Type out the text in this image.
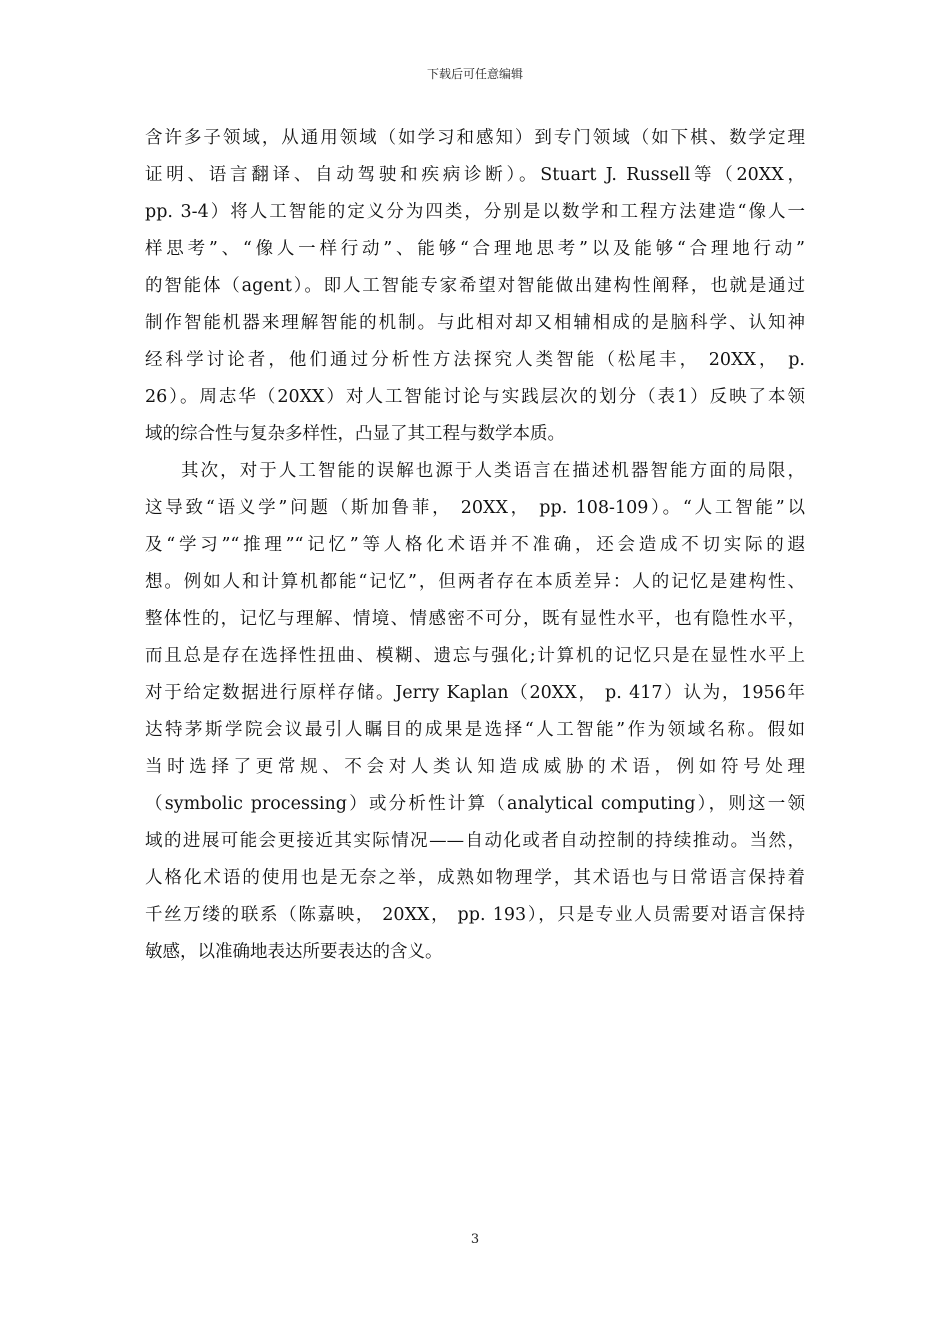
下载后可任意编辑
含许多子领域，从通用领域（如学习和感知）到专门领域（如下棋、数学定理
证明、语言翻译、自动驾驶和疾病诊断）。Stuart J. Russell等（20XX，
pp. 3-4）将人工智能的定义分为四类，分别是以数学和工程方法建造“像人一
样思考”、“像人一样行动”、能够“合理地思考”以及能够“合理地行动”
的智能体（agent）。即人工智能专家希望对智能做出建构性阐释，也就是通过
制作智能机器来理解智能的机制。与此相对却又相辅相成的是脑科学、认知神
经科学讨论者，他们通过分析性方法探究人类智能（松尾丰， 20XX， p.
26）。周志华（20XX）对人工智能讨论与实践层次的划分（表1）反映了本领
域的综合性与复杂多样性，凸显了其工程与数学本质。
其次，对于人工智能的误解也源于人类语言在描述机器智能方面的局限，
这导致“语义学”问题（斯加鲁菲， 20XX， pp. 108-109）。“人工智能”以
及“学习”“推理”“记忆”等人格化术语并不准确，还会造成不切实际的遐
想。例如人和计算机都能“记忆”，但两者存在本质差异：人的记忆是建构性、
整体性的，记忆与理解、情境、情感密不可分，既有显性水平，也有隐性水平，
而且总是存在选择性扭曲、模糊、遗忘与强化;计算机的记忆只是在显性水平上
对于给定数据进行原样存储。Jerry Kaplan（20XX， p. 417）认为，1956年
达特茅斯学院会议最引人瞩目的成果是选择“人工智能”作为领域名称。假如
当时选择了更常规、不会对人类认知造成威胁的术语，例如符号处理
（symbolic processing）或分析性计算（analytical computing），则这一领
域的进展可能会更接近其实际情况——自动化或者自动控制的持续推动。当然，
人格化术语的使用也是无奈之举，成熟如物理学，其术语也与日常语言保持着
千丝万缕的联系（陈嘉映， 20XX， pp. 193），只是专业人员需要对语言保持
敏感，以准确地表达所要表达的含义。
3
